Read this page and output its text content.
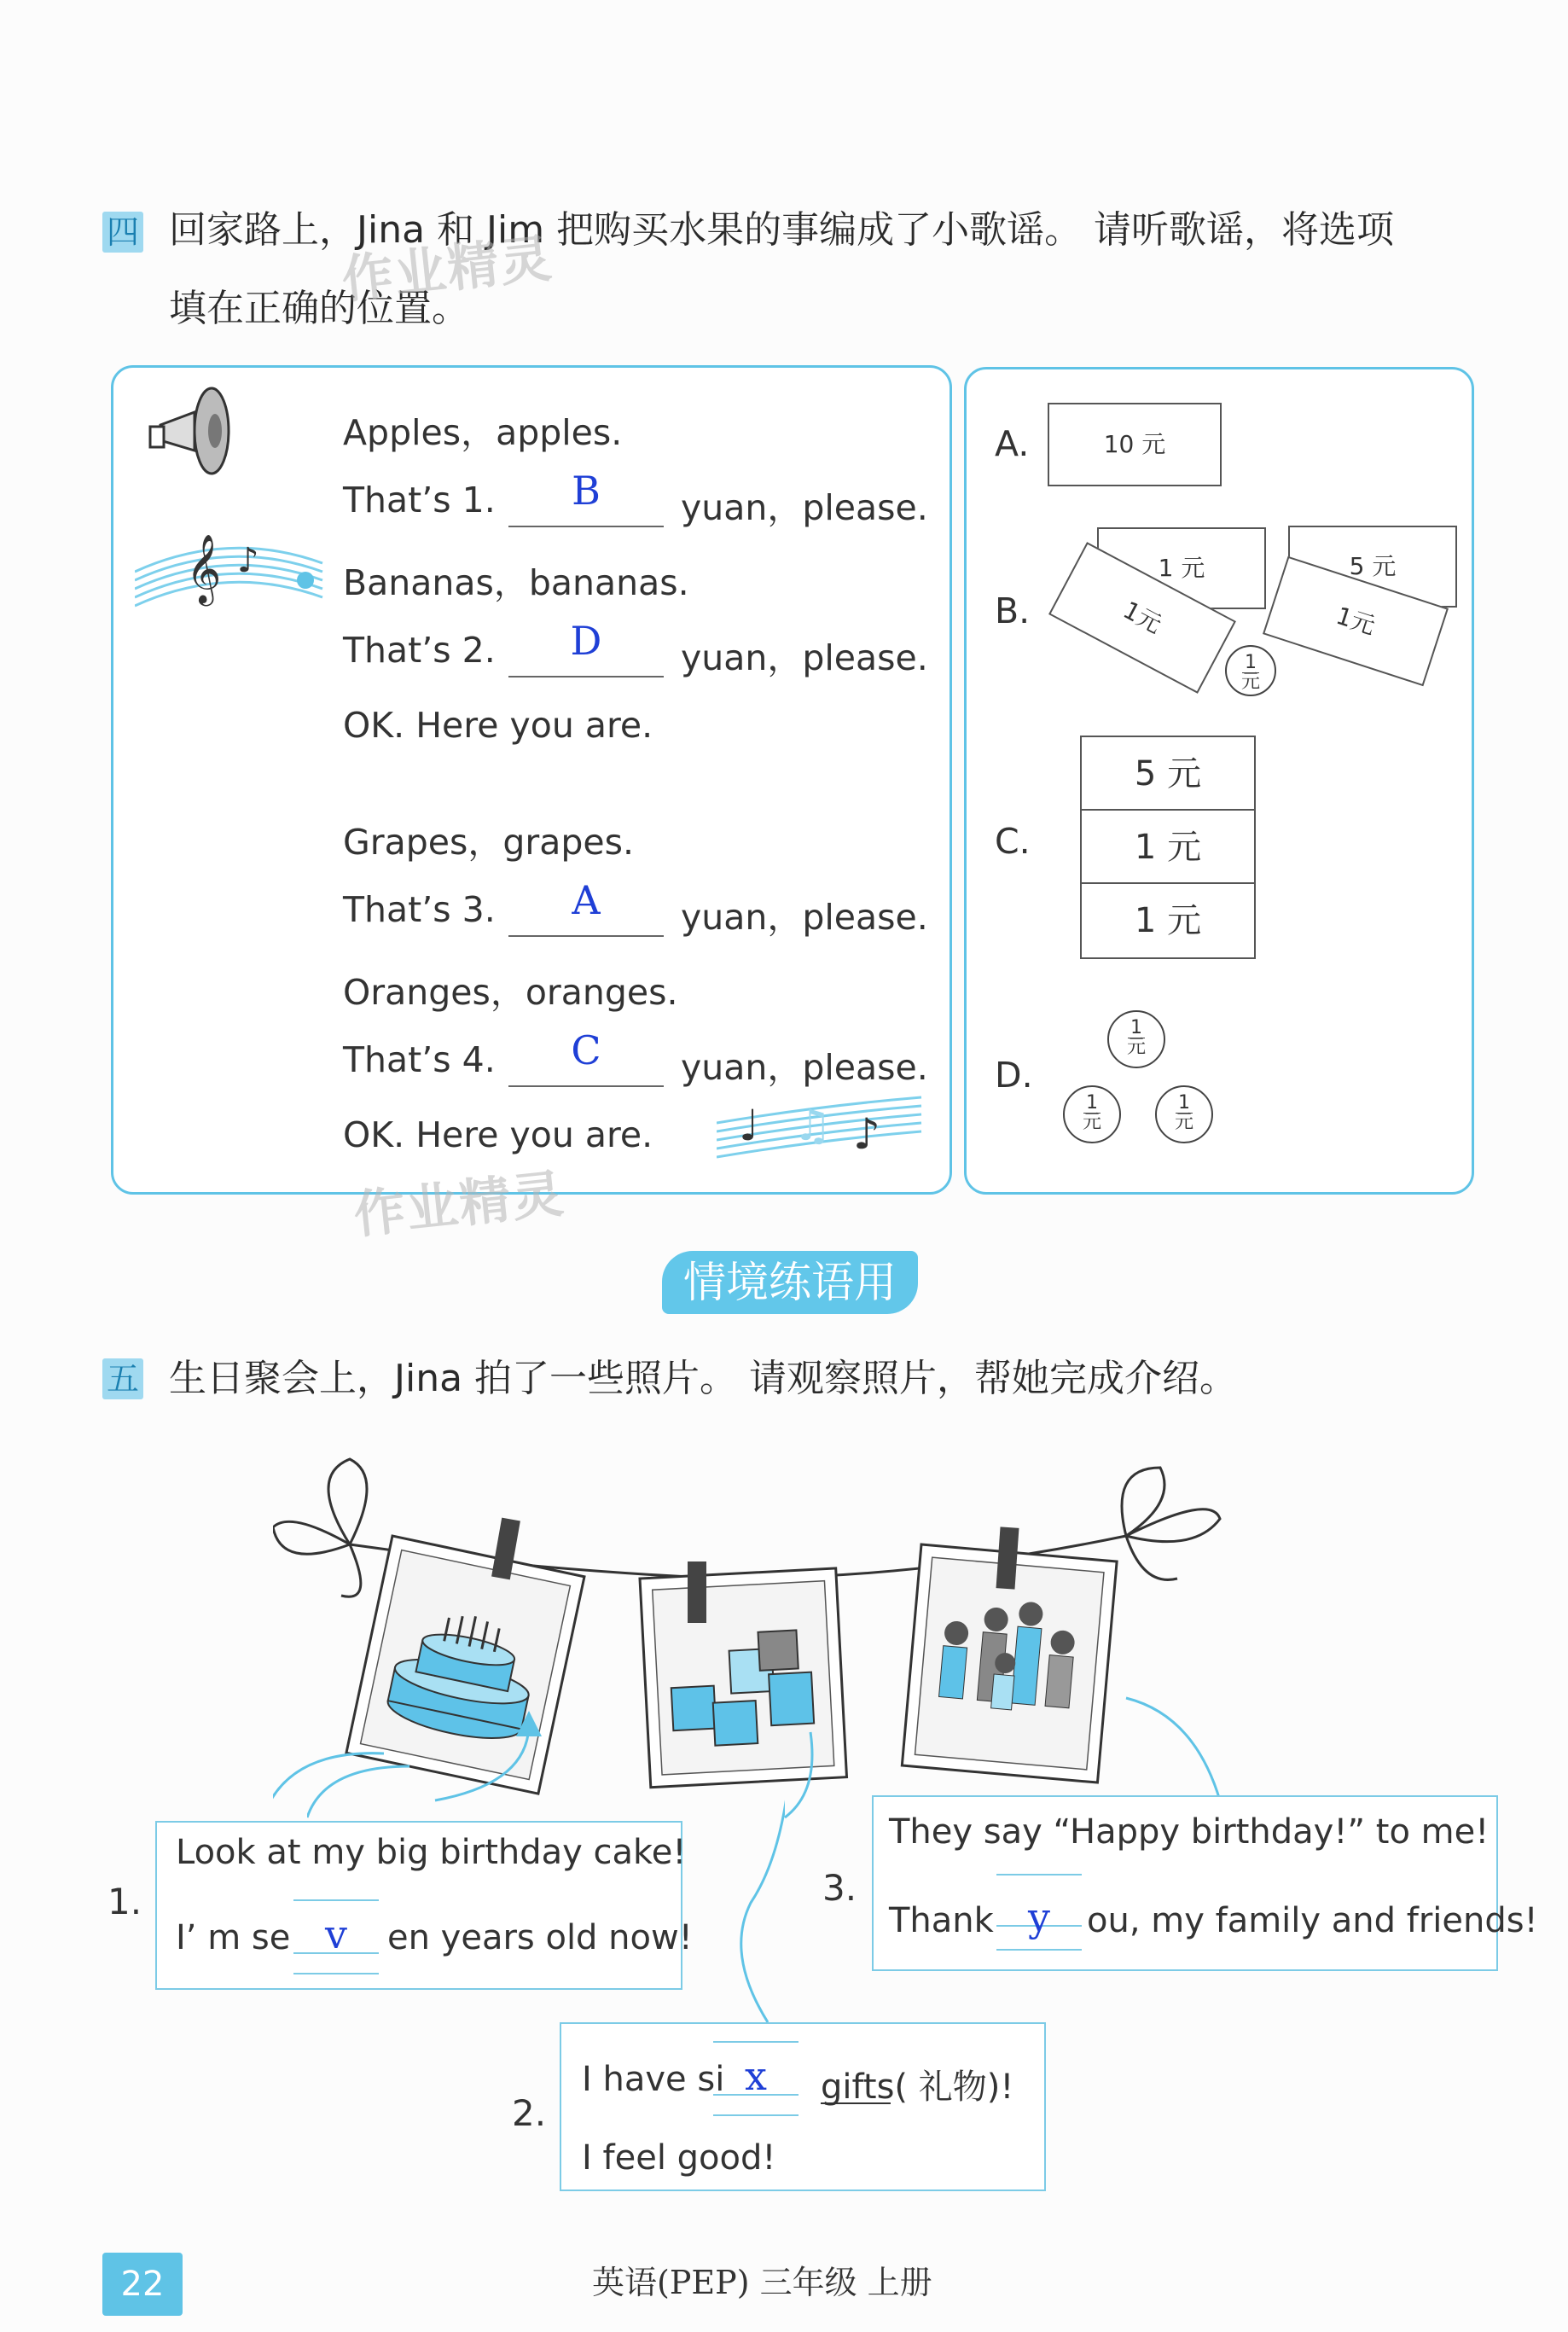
四 回家路上，Jina 和 Jim 把购买水果的事编成了小歌谣。 请听歌谣，将选项
填在正确的位置。
作业精灵
𝄞 ♪
Apples，apples.
That’s 1.	B	yuan，please.
Bananas，bananas.
That’s 2.	D	yuan，please.
OK. Here you are.
Grapes，grapes.
That’s 3.	A	yuan，please.
Oranges，oranges.
That’s 4.	C	yuan，please.
OK. Here you are. ♩ ♫ ♪
作业精灵
A.	10 元
B.
1 元
1元
5 元
1元
1
元
C.
5 元
1 元
1 元
D.
1
元
1
元
1
元
情境练语用
五 生日聚会上，Jina 拍了一些照片。 请观察照片，帮她完成介绍。
1.
Look at my big birthday cake!
I’ m se v	en years old now!
2.
I have si x	gifts( 礼物)!
I feel good!
3.
They say “Happy birthday!” to me!
Thank y	ou, my family and friends!
22	英语(PEP) 三年级 上册
